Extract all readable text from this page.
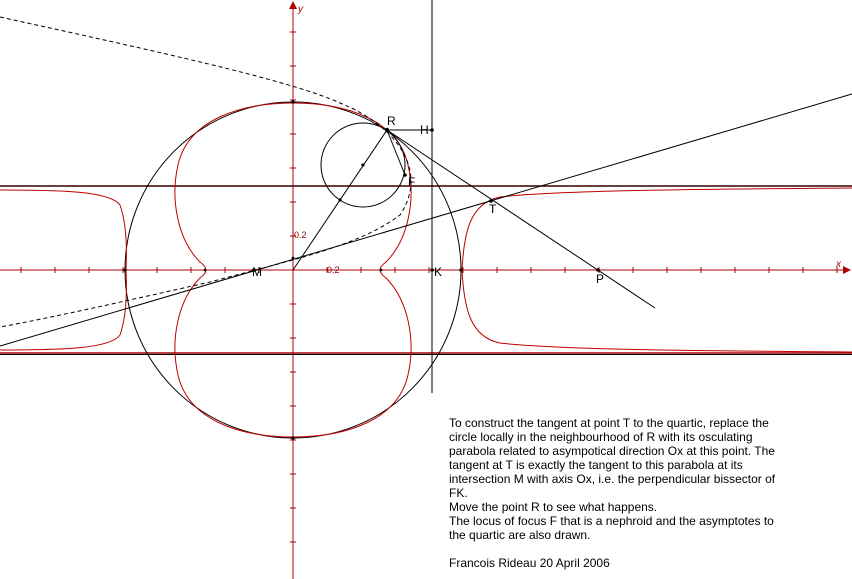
x
y
0.2
0.2
R
H
F
T
M	K	P

To construct the tangent at point T to the quartic, replace the

circle locally in the neighbourhood of R with its osculating

parabola related to asympotical direction Ox at this point. The

tangent at T is exactly the tangent to this parabola at its

intersection M with axis Ox, i.e. the perpendicular bissector of

FK.

Move the point R to see what happens.

The locus of focus F that is a nephroid and the asymptotes to

the quartic are also drawn.

Francois Rideau 20 April 2006
